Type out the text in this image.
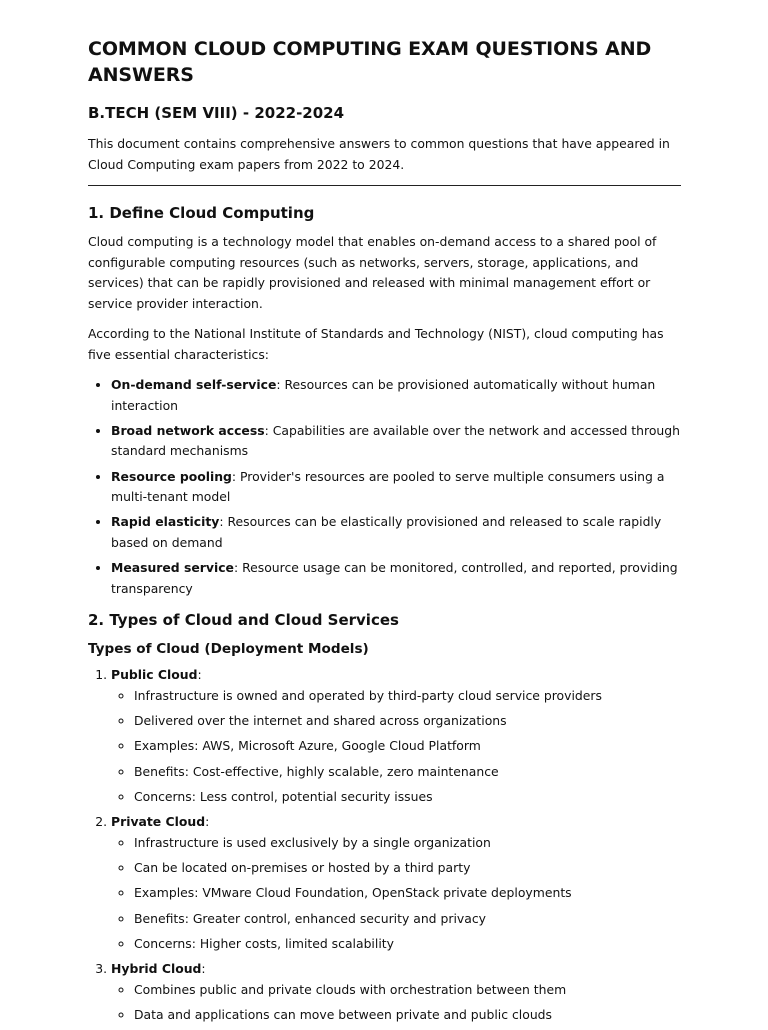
COMMON CLOUD COMPUTING EXAM QUESTIONS AND ANSWERS
B.TECH (SEM VIII) - 2022-2024

This document contains comprehensive answers to common questions that have appeared in Cloud Computing exam papers from 2022 to 2024.

1. Define Cloud Computing

Cloud computing is a technology model that enables on-demand access to a shared pool of configurable computing resources (such as networks, servers, storage, applications, and services) that can be rapidly provisioned and released with minimal management effort or service provider interaction.

According to the National Institute of Standards and Technology (NIST), cloud computing has five essential characteristics:

• On-demand self-service: Resources can be provisioned automatically without human interaction
• Broad network access: Capabilities are available over the network and accessed through standard mechanisms
• Resource pooling: Provider's resources are pooled to serve multiple consumers using a multi-tenant model
• Rapid elasticity: Resources can be elastically provisioned and released to scale rapidly based on demand
• Measured service: Resource usage can be monitored, controlled, and reported, providing transparency
2. Types of Cloud and Cloud Services
Types of Cloud (Deployment Models)
1. Public Cloud:
◦ Infrastructure is owned and operated by third-party cloud service providers
◦ Delivered over the internet and shared across organizations
◦ Examples: AWS, Microsoft Azure, Google Cloud Platform
◦ Benefits: Cost-effective, highly scalable, zero maintenance
◦ Concerns: Less control, potential security issues
2. Private Cloud:
◦ Infrastructure is used exclusively by a single organization
◦ Can be located on-premises or hosted by a third party
◦ Examples: VMware Cloud Foundation, OpenStack private deployments
◦ Benefits: Greater control, enhanced security and privacy
◦ Concerns: Higher costs, limited scalability
3. Hybrid Cloud:
◦ Combines public and private clouds with orchestration between them
◦ Data and applications can move between private and public clouds
